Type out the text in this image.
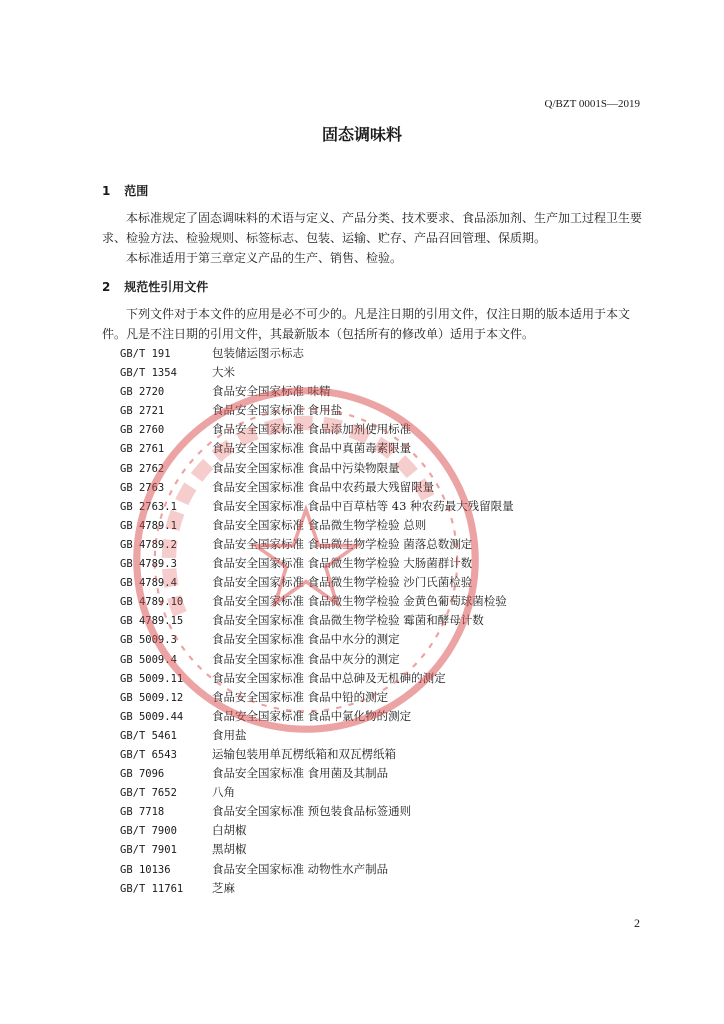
Q/BZT 0001S—2019
固态调味料
1 范围
本标准规定了固态调味料的术语与定义、产品分类、技术要求、食品添加剂、生产加工过程卫生要求、检验方法、检验规则、标签标志、包装、运输、贮存、产品召回管理、保质期。
本标准适用于第三章定义产品的生产、销售、检验。
2 规范性引用文件
下列文件对于本文件的应用是必不可少的。凡是注日期的引用文件，仅注日期的版本适用于本文件。凡是不注日期的引用文件，其最新版本（包括所有的修改单）适用于本文件。
GB/T 191	包装储运图示标志
GB/T 1354	大米
GB 2720	食品安全国家标准 味精
GB 2721	食品安全国家标准 食用盐
GB 2760	食品安全国家标准 食品添加剂使用标准
GB 2761	食品安全国家标准 食品中真菌毒素限量
GB 2762	食品安全国家标准 食品中污染物限量
GB 2763	食品安全国家标准 食品中农药最大残留限量
GB 2763.1	食品安全国家标准 食品中百草枯等 43 种农药最大残留限量
GB 4789.1	食品安全国家标准 食品微生物学检验 总则
GB 4789.2	食品安全国家标准 食品微生物学检验 菌落总数测定
GB 4789.3	食品安全国家标准 食品微生物学检验 大肠菌群计数
GB 4789.4	食品安全国家标准 食品微生物学检验 沙门氏菌检验
GB 4789.10	食品安全国家标准 食品微生物学检验 金黄色葡萄球菌检验
GB 4789.15	食品安全国家标准 食品微生物学检验 霉菌和酵母计数
GB 5009.3	食品安全国家标准 食品中水分的测定
GB 5009.4	食品安全国家标准 食品中灰分的测定
GB 5009.11	食品安全国家标准 食品中总砷及无机砷的测定
GB 5009.12	食品安全国家标准 食品中铅的测定
GB 5009.44	食品安全国家标准 食品中氯化物的测定
GB/T 5461	食用盐
GB/T 6543	运输包装用单瓦楞纸箱和双瓦楞纸箱
GB 7096	食品安全国家标准 食用菌及其制品
GB/T 7652	八角
GB 7718	食品安全国家标准 预包装食品标签通则
GB/T 7900	白胡椒
GB/T 7901	黑胡椒
GB 10136	食品安全国家标准 动物性水产制品
GB/T 11761	芝麻
2
